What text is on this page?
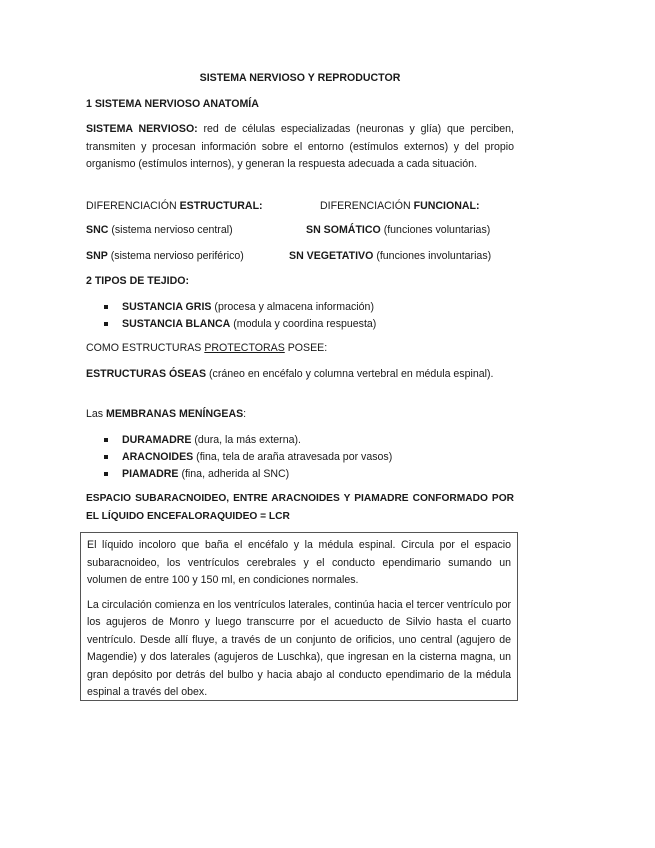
SISTEMA NERVIOSO Y REPRODUCTOR
1 SISTEMA NERVIOSO ANATOMÍA
SISTEMA NERVIOSO: red de células especializadas (neuronas y glía) que perciben, transmiten y procesan información sobre el entorno (estímulos externos) y del propio organismo (estímulos internos), y generan la respuesta adecuada a cada situación.
DIFERENCIACIÓN ESTRUCTURAL:	DIFERENCIACIÓN FUNCIONAL:
SNC (sistema nervioso central)	SN SOMÁTICO (funciones voluntarias)
SNP (sistema nervioso periférico)	SN VEGETATIVO (funciones involuntarias)
2 TIPOS DE TEJIDO:
SUSTANCIA GRIS (procesa y almacena información)
SUSTANCIA BLANCA (modula y coordina respuesta)
COMO ESTRUCTURAS PROTECTORAS POSEE:
ESTRUCTURAS ÓSEAS (cráneo en encéfalo y columna vertebral en médula espinal).
Las MEMBRANAS MENÍNGEAS:
DURAMADRE (dura, la más externa).
ARACNOIDES (fina, tela de araña atravesada por vasos)
PIAMADRE (fina, adherida al SNC)
ESPACIO SUBARACNOIDEO, ENTRE ARACNOIDES Y PIAMADRE CONFORMADO POR EL LÍQUIDO ENCEFALORAQUIDEO = LCR

El líquido incoloro que baña el encéfalo y la médula espinal. Circula por el espacio subaracnoideo, los ventrículos cerebrales y el conducto ependimario sumando un volumen de entre 100 y 150 ml, en condiciones normales.

La circulación comienza en los ventrículos laterales, continúa hacia el tercer ventrículo por los agujeros de Monro y luego transcurre por el acueducto de Silvio hasta el cuarto ventrículo. Desde allí fluye, a través de un conjunto de orificios, uno central (agujero de Magendie) y dos laterales (agujeros de Luschka), que ingresan en la cisterna magna, un gran depósito por detrás del bulbo y hacia abajo al conducto ependimario de la médula espinal a través del obex.
